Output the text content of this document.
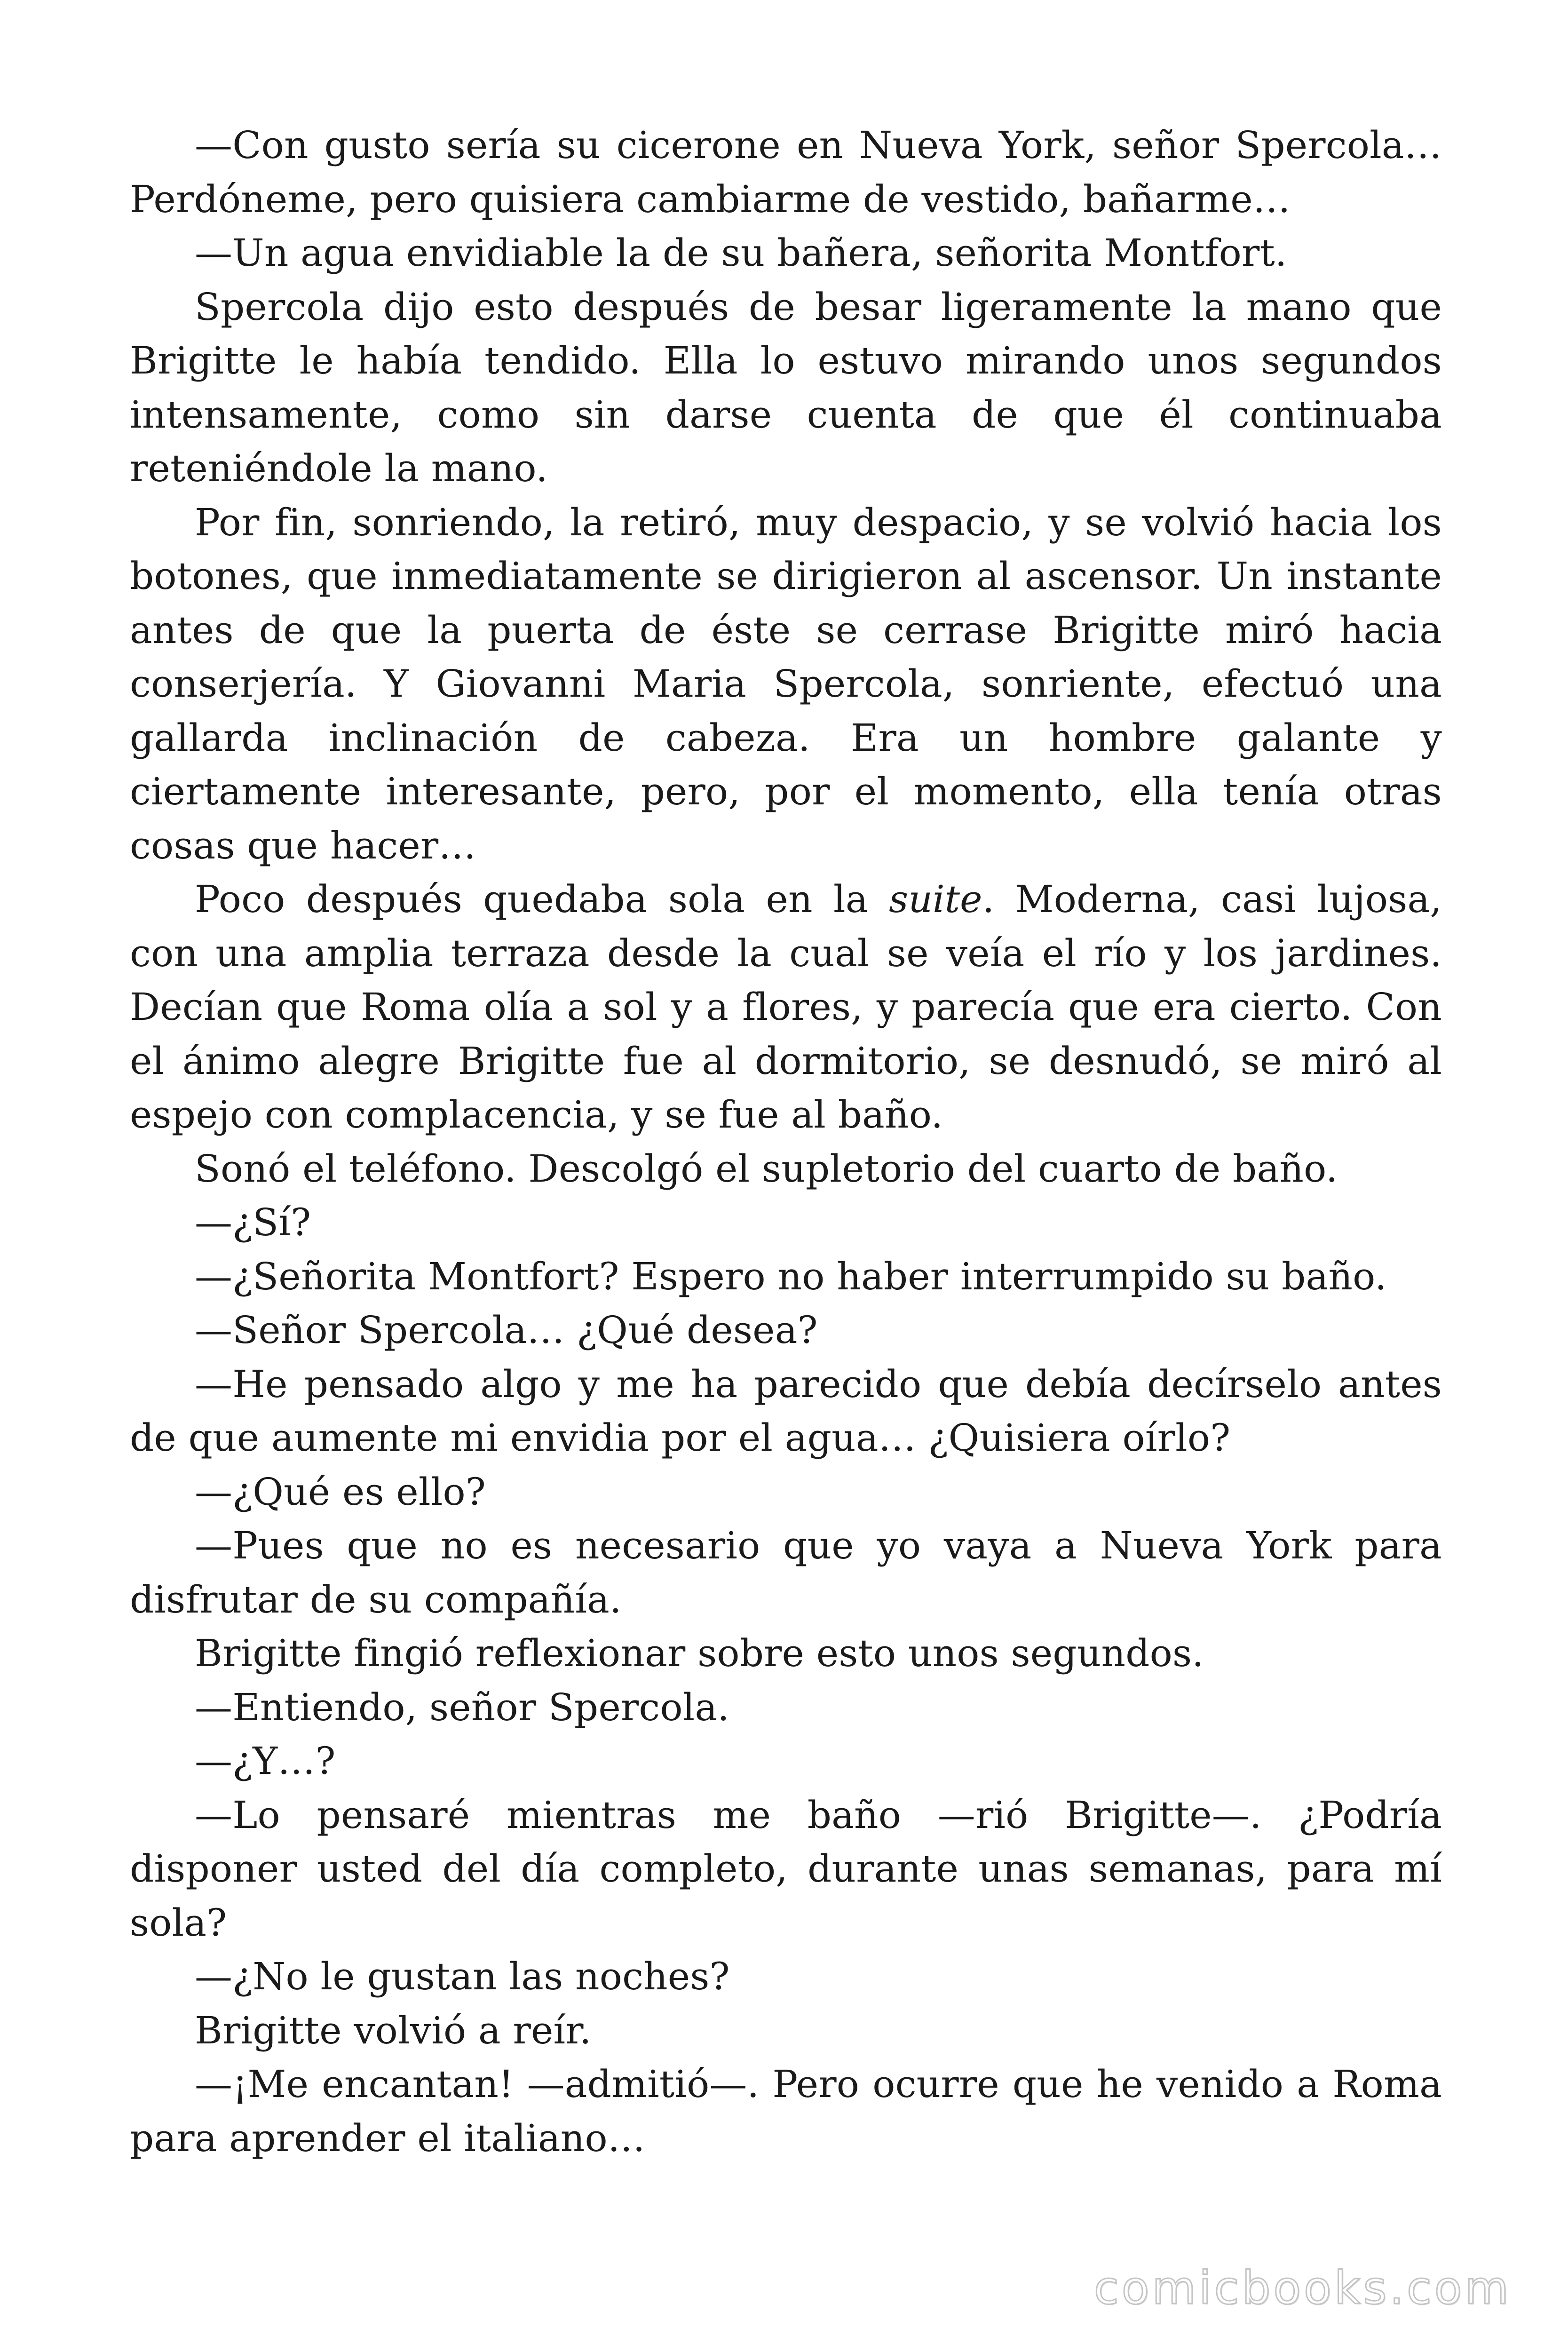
—Con gusto sería su cicerone en Nueva York, señor Spercola… Perdóneme, pero quisiera cambiarme de vestido, bañarme…

—Un agua envidiable la de su bañera, señorita Montfort.

Spercola dijo esto después de besar ligeramente la mano que Brigitte le había tendido. Ella lo estuvo mirando unos segundos intensamente, como sin darse cuenta de que él continuaba reteniéndole la mano.

Por fin, sonriendo, la retiró, muy despacio, y se volvió hacia los botones, que inmediatamente se dirigieron al ascensor. Un instante antes de que la puerta de éste se cerrase Brigitte miró hacia conserjería. Y Giovanni Maria Spercola, sonriente, efectuó una gallarda inclinación de cabeza. Era un hombre galante y ciertamente interesante, pero, por el momento, ella tenía otras cosas que hacer…

Poco después quedaba sola en la suite. Moderna, casi lujosa, con una amplia terraza desde la cual se veía el río y los jardines. Decían que Roma olía a sol y a flores, y parecía que era cierto. Con el ánimo alegre Brigitte fue al dormitorio, se desnudó, se miró al espejo con complacencia, y se fue al baño.

Sonó el teléfono. Descolgó el supletorio del cuarto de baño.

—¿Sí?

—¿Señorita Montfort? Espero no haber interrumpido su baño.

—Señor Spercola… ¿Qué desea?

—He pensado algo y me ha parecido que debía decírselo antes de que aumente mi envidia por el agua… ¿Quisiera oírlo?

—¿Qué es ello?

—Pues que no es necesario que yo vaya a Nueva York para disfrutar de su compañía.

Brigitte fingió reflexionar sobre esto unos segundos.

—Entiendo, señor Spercola.

—¿Y…?

—Lo pensaré mientras me baño —rió Brigitte—. ¿Podría disponer usted del día completo, durante unas semanas, para mí sola?

—¿No le gustan las noches?

Brigitte volvió a reír.

—¡Me encantan! —admitió—. Pero ocurre que he venido a Roma para aprender el italiano…

comicbooks.com
